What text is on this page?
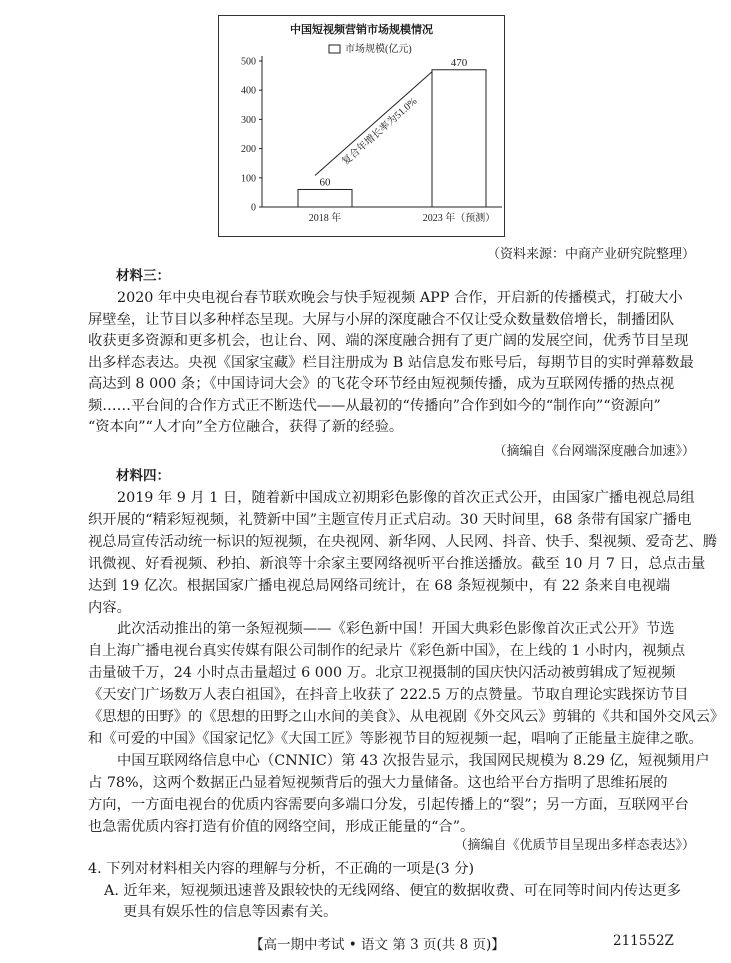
中国短视频营销市场规模情况
市场规模(亿元)
0
100
200
300
400
500
60
2018 年
470
2023 年（预测）
复合年增长率为51.0%
（资料来源：中商产业研究院整理）
材料三：
2020 年中央电视台春节联欢晚会与快手短视频 APP 合作，开启新的传播模式，打破大小
屏壁垒，让节目以多种样态呈现。大屏与小屏的深度融合不仅让受众数量数倍增长，制播团队
收获更多资源和更多机会，也让台、网、端的深度融合拥有了更广阔的发展空间，优秀节目呈现
出多样态表达。央视《国家宝藏》栏目注册成为 B 站信息发布账号后，每期节目的实时弹幕数最
高达到 8 000 条；《中国诗词大会》的飞花令环节经由短视频传播，成为互联网传播的热点视
频……平台间的合作方式正不断迭代——从最初的“传播向”合作到如今的“制作向”“资源向”
“资本向”“人才向”全方位融合，获得了新的经验。
（摘编自《台网端深度融合加速》）
材料四：
2019 年 9 月 1 日，随着新中国成立初期彩色影像的首次正式公开，由国家广播电视总局组
织开展的“精彩短视频，礼赞新中国”主题宣传月正式启动。30 天时间里，68 条带有国家广播电
视总局宣传活动统一标识的短视频，在央视网、新华网、人民网、抖音、快手、梨视频、爱奇艺、腾
讯微视、好看视频、秒拍、新浪等十余家主要网络视听平台推送播放。截至 10 月 7 日，总点击量
达到 19 亿次。根据国家广播电视总局网络司统计，在 68 条短视频中，有 22 条来自电视端
内容。
此次活动推出的第一条短视频——《彩色新中国！开国大典彩色影像首次正式公开》节选
自上海广播电视台真实传媒有限公司制作的纪录片《彩色新中国》，在上线的 1 小时内，视频点
击量破千万，24 小时点击量超过 6 000 万。北京卫视摄制的国庆快闪活动被剪辑成了短视频
《天安门广场数万人表白祖国》，在抖音上收获了 222.5 万的点赞量。节取自理论实践探访节目
《思想的田野》的《思想的田野之山水间的美食》、从电视剧《外交风云》剪辑的《共和国外交风云》
和《可爱的中国》《国家记忆》《大国工匠》等影视节目的短视频一起，唱响了正能量主旋律之歌。
中国互联网络信息中心（CNNIC）第 43 次报告显示，我国网民规模为 8.29 亿，短视频用户
占 78%，这两个数据正凸显着短视频背后的强大力量储备。这也给平台方指明了思维拓展的
方向，一方面电视台的优质内容需要向多端口分发，引起传播上的“裂”；另一方面，互联网平台
也急需优质内容打造有价值的网络空间，形成正能量的“合”。
（摘编自《优质节目呈现出多样态表达》）
4. 下列对材料相关内容的理解与分析，不正确的一项是(3 分)
A. 近年来，短视频迅速普及跟较快的无线网络、便宜的数据收费、可在同等时间内传达更多
更具有娱乐性的信息等因素有关。
【高一期中考试 • 语文 第 3 页(共 8 页)】	211552Z
